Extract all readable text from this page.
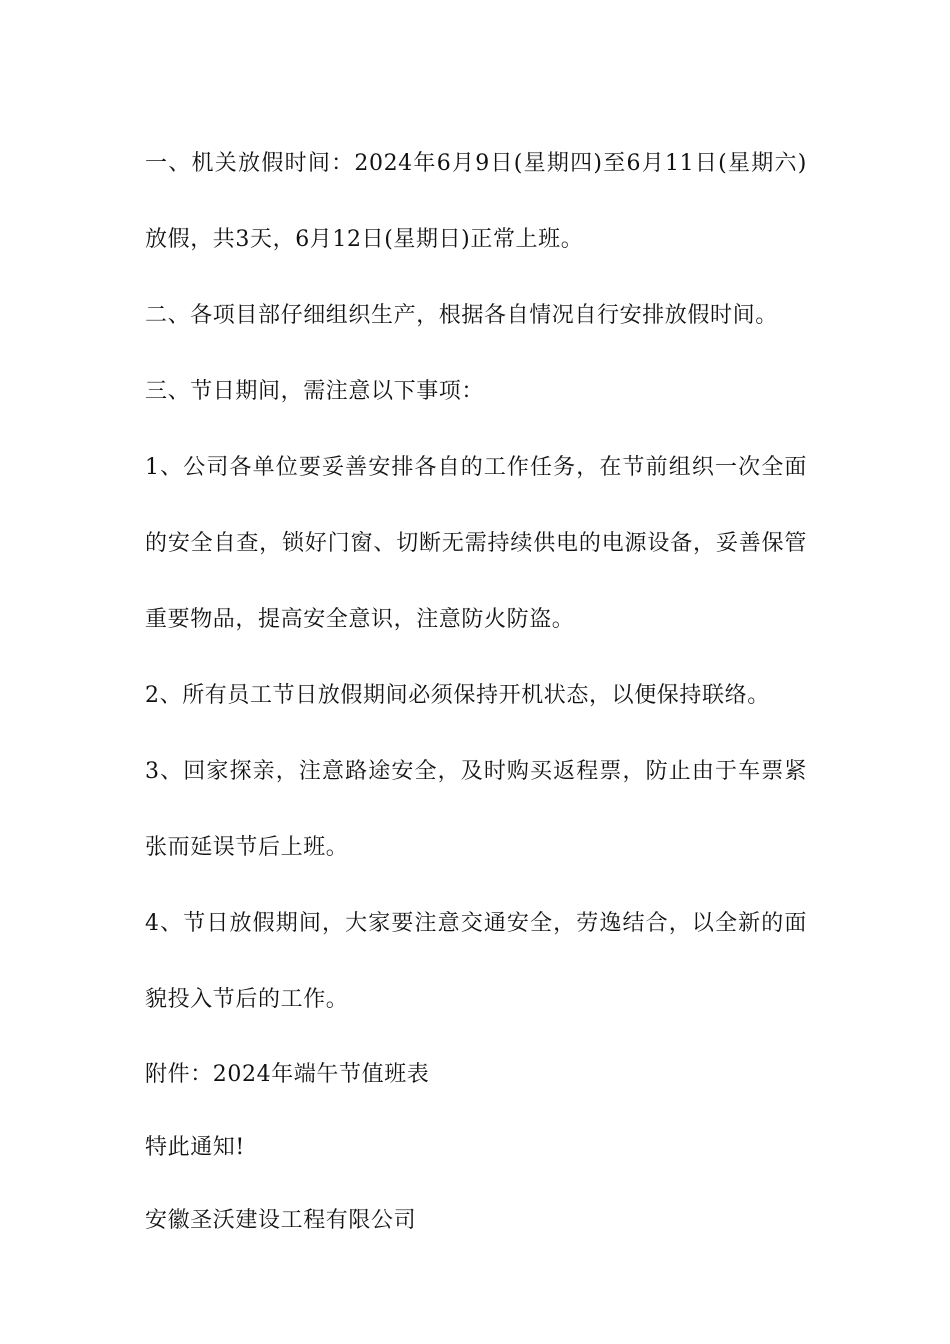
一、机关放假时间：2024年6月9日(星期四)至6月11日(星期六)放假，共3天，6月12日(星期日)正常上班。

二、各项目部仔细组织生产，根据各自情况自行安排放假时间。

三、节日期间，需注意以下事项：

1、公司各单位要妥善安排各自的工作任务，在节前组织一次全面的安全自查，锁好门窗、切断无需持续供电的电源设备，妥善保管重要物品，提高安全意识，注意防火防盗。

2、所有员工节日放假期间必须保持开机状态，以便保持联络。

3、回家探亲，注意路途安全，及时购买返程票，防止由于车票紧张而延误节后上班。

4、节日放假期间，大家要注意交通安全，劳逸结合，以全新的面貌投入节后的工作。

附件：2024年端午节值班表

特此通知!

安徽圣沃建设工程有限公司
